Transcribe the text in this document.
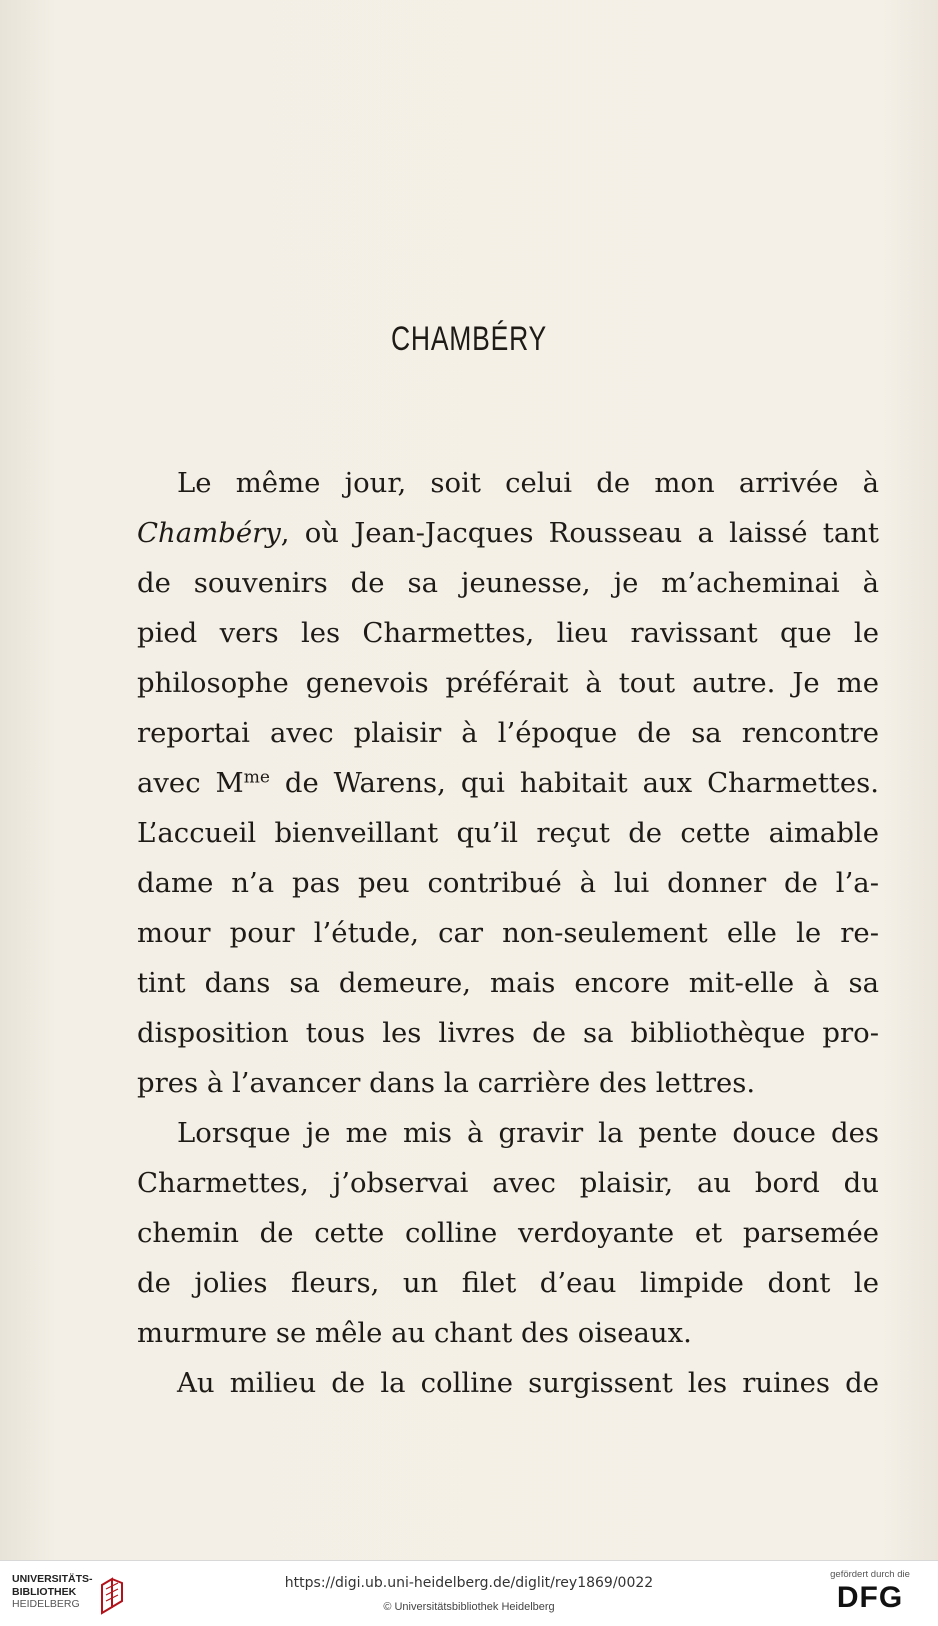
CHAMBÉRY
Le même jour, soit celui de mon arrivée à
Chambéry, où Jean-Jacques Rousseau a laissé tant
de souvenirs de sa jeunesse, je m’acheminai à
pied vers les Charmettes, lieu ravissant que le
philosophe genevois préférait à tout autre. Je me
reportai avec plaisir à l’époque de sa rencontre
avec $M^{me}$ de Warens, qui habitait aux Charmettes.
L’accueil bienveillant qu’il reçut de cette aimable
dame n’a pas peu contribué à lui donner de l’a-
mour pour l’étude, car non-seulement elle le re-
tint dans sa demeure, mais encore mit-elle à sa
disposition tous les livres de sa bibliothèque pro-
pres à l’avancer dans la carrière des lettres.
Lorsque je me mis à gravir la pente douce des
Charmettes, j’observai avec plaisir, au bord du
chemin de cette colline verdoyante et parsemée
de jolies fleurs, un filet d’eau limpide dont le
murmure se mêle au chant des oiseaux.
Au milieu de la colline surgissent les ruines de
UNIVERSITÄTS-
BIBLIOTHEK
HEIDELBERG
https://digi.ub.uni-heidelberg.de/diglit/rey1869/0022
© Universitätsbibliothek Heidelberg
gefördert durch die
DFG
